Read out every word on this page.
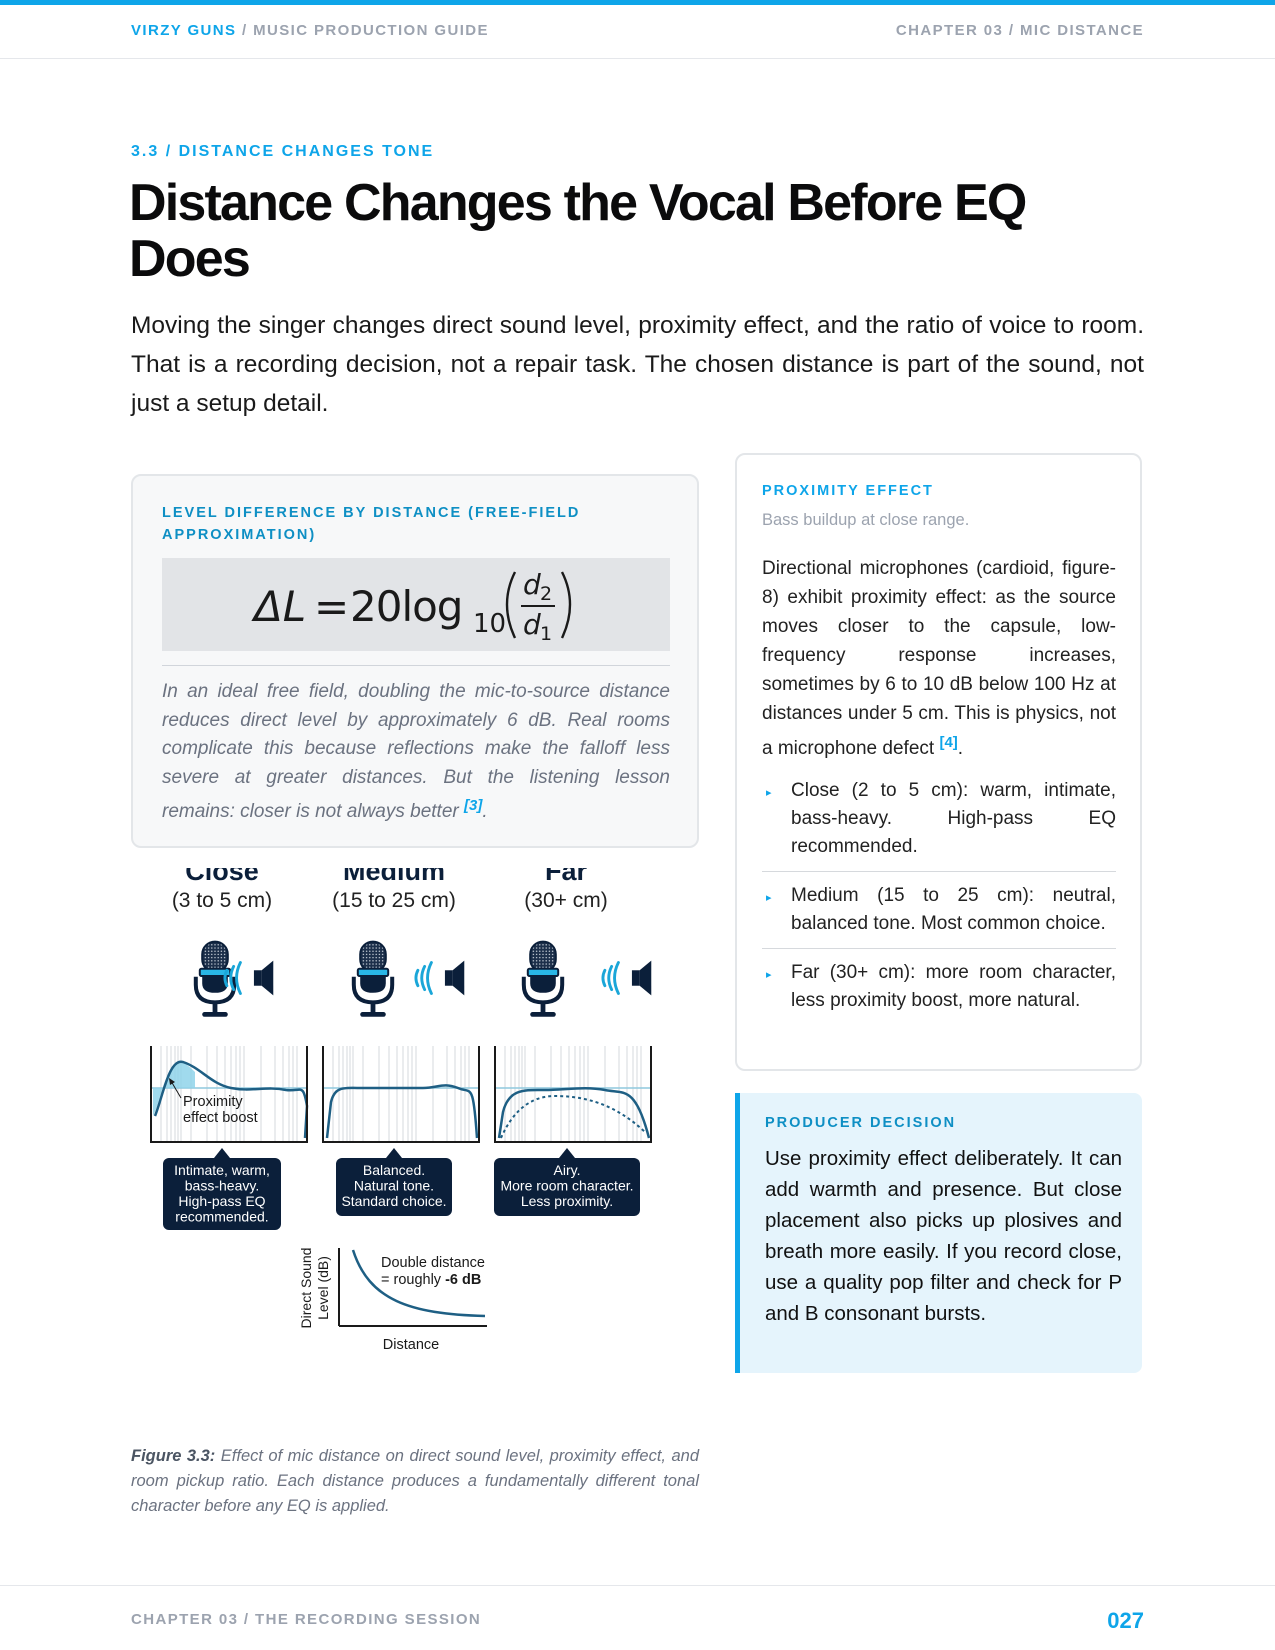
VIRZY GUNS / MUSIC PRODUCTION GUIDE	CHAPTER 03 / MIC DISTANCE
3.3 / DISTANCE CHANGES TONE
Distance Changes the Vocal Before EQ Does

Moving the singer changes direct sound level, proximity effect, and the ratio of voice to room. That is a recording decision, not a repair task. The chosen distance is part of the sound, not just a setup detail.

LEVEL DIFFERENCE BY DISTANCE (FREE-FIELD APPROXIMATION)
ΔL = 20log 10
d 2
d 1

In an ideal free field, doubling the mic-to-source distance reduces direct level by approximately 6 dB. Real rooms complicate this because reflections make the falloff less severe at greater distances. But the listening lesson remains: closer is not always better [3].

Close
(3 to 5 cm)
Intimate, warm,
bass-heavy.
High-pass EQ
recommended.
Medium
(15 to 25 cm)
Balanced.
Natural tone.
Standard choice.
Far
(30+ cm)
Airy.
More room character.
Less proximity.
Proximity
effect boost
Direct Sound Level (dB)
Distance
Double distance
= roughly -6 dB

Figure 3.3: Effect of mic distance on direct sound level, proximity effect, and room pickup ratio. Each distance produces a fundamentally different tonal character before any EQ is applied.

PROXIMITY EFFECT
Bass buildup at close range.

Directional microphones (cardioid, figure-8) exhibit proximity effect: as the source moves closer to the capsule, low-frequency response increases, sometimes by 6 to 10 dB below 100 Hz at distances under 5 cm. This is physics, not a microphone defect [4].

▸ Close (2 to 5 cm): warm, intimate, bass-heavy. High-pass EQ recommended.
▸ Medium (15 to 25 cm): neutral, balanced tone. Most common choice.
▸ Far (30+ cm): more room character, less proximity boost, more natural.
PRODUCER DECISION

Use proximity effect deliberately. It can add warmth and presence. But close placement also picks up plosives and breath more easily. If you record close, use a quality pop filter and check for P and B consonant bursts.

CHAPTER 03 / THE RECORDING SESSION	027
